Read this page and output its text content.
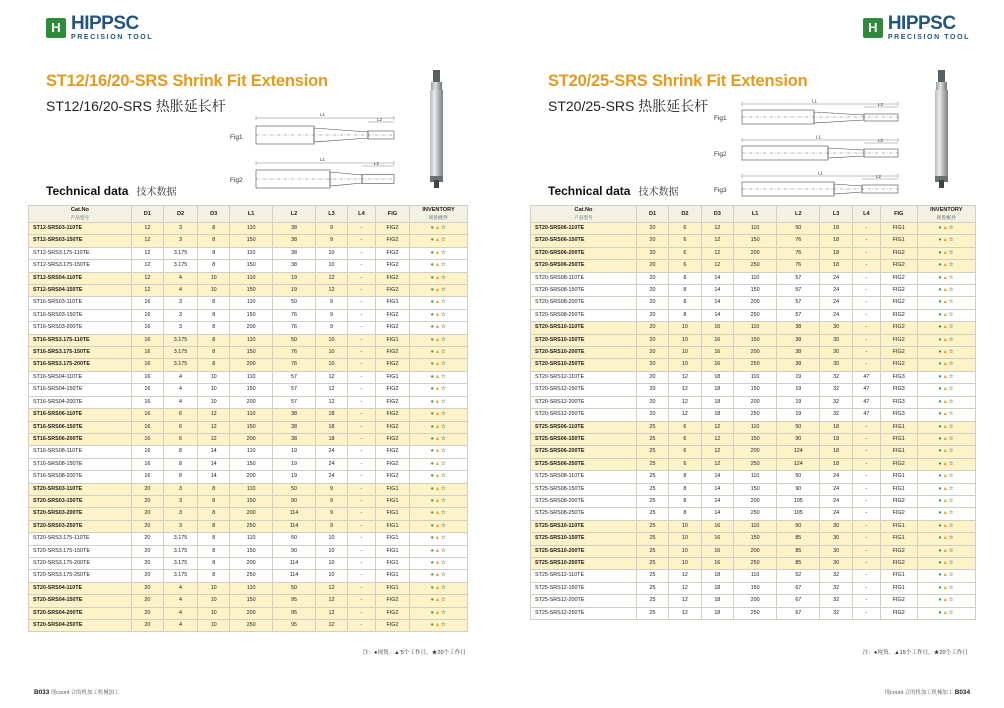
H HIPPSC
PRECISION TOOL
ST12/16/20-SRS Shrink Fit Extension
ST12/16/20-SRS 热胀延长杆
Technical data 技术数据
Fig1
L1
L2
Fig2
L1
L2
Cat.No
产品型号	D1	D2	D3	L1	L2	L3	L4	FIG	INVENTORY
现货/配件

ST12-SRS03-110TE	12	3	8	110	38	9	-	FIG2	●▲☆
ST12-SRS03-150TE	12	3	8	150	38	9	-	FIG2	●▲☆
ST12-SRS3.175-110TE	12	3.175	8	110	38	10	-	FIG2	●▲☆
ST12-SRS3.175-150TE	12	3.175	8	150	38	10	-	FIG2	●▲☆
ST12-SRS04-110TE	12	4	10	110	19	12	-	FIG2	●▲☆
ST12-SRS04-150TE	12	4	10	150	19	12	-	FIG2	●▲☆
ST16-SRS03-110TE	16	3	8	110	50	9	-	FIG1	●▲☆
ST16-SRS03-150TE	16	3	8	150	76	9	-	FIG2	●▲☆
ST16-SRS03-200TE	16	3	8	200	76	9	-	FIG2	●▲☆
ST16-SRS3.175-110TE	16	3.175	8	110	50	10	-	FIG1	●▲☆
ST16-SRS3.175-150TE	16	3.175	8	150	76	10	-	FIG2	●▲☆
ST16-SRS3.175-200TE	16	3.175	8	200	76	10	-	FIG2	●▲☆
ST16-SRS04-110TE	16	4	10	110	57	12	-	FIG1	●▲☆
ST16-SRS04-150TE	16	4	10	150	57	12	-	FIG2	●▲☆
ST16-SRS04-200TE	16	4	10	200	57	12	-	FIG2	●▲☆
ST16-SRS06-110TE	16	6	12	110	38	18	-	FIG2	●▲☆
ST16-SRS06-150TE	16	6	12	150	38	18	-	FIG2	●▲☆
ST16-SRS06-200TE	16	6	12	200	38	18	-	FIG2	●▲☆
ST16-SRS08-110TE	16	8	14	110	19	24	-	FIG2	●▲☆
ST16-SRS08-150TE	16	8	14	150	19	24	-	FIG2	●▲☆
ST16-SRS08-200TE	16	8	14	200	19	24	-	FIG2	●▲☆
ST20-SRS03-110TE	20	3	8	110	50	9	-	FIG1	●▲☆
ST20-SRS03-150TE	20	3	8	150	90	9	-	FIG1	●▲☆
ST20-SRS03-200TE	20	3	8	200	114	9	-	FIG1	●▲☆
ST20-SRS03-250TE	20	3	8	250	114	9	-	FIG1	●▲☆
ST20-SRS3.175-110TE	20	3.175	8	110	50	10	-	FIG1	●▲☆
ST20-SRS3.175-150TE	20	3.175	8	150	90	10	-	FIG1	●▲☆
ST20-SRS3.175-200TE	20	3.175	8	200	114	10	-	FIG1	●▲☆
ST20-SRS3.175-250TE	20	3.175	8	250	114	10	-	FIG1	●▲☆
ST20-SRS04-110TE	20	4	10	110	50	12	-	FIG1	●▲☆
ST20-SRS04-150TE	20	4	10	150	95	12	-	FIG2	●▲☆
ST20-SRS04-200TE	20	4	10	200	95	12	-	FIG2	●▲☆
ST20-SRS04-250TE	20	4	10	250	95	12	-	FIG2	●▲☆
注：●现货。▲'5个工作日。★20个工作日
B033 现count 合的机加工机械加工
H HIPPSC
PRECISION TOOL
ST20/25-SRS Shrink Fit Extension
ST20/25-SRS 热胀延长杆
Technical data 技术数据
Fig1
L1
L2
Fig2
L1
L2
Fig3
L1
L2
Cat.No
产品型号	D1	D2	D3	L1	L2	L3	L4	FIG	INVENTORY
现货/配件

ST20-SRS06-110TE	20	6	12	110	50	18	-	FIG1	●▲☆
ST20-SRS06-150TE	20	6	12	150	76	18	-	FIG1	●▲☆
ST20-SRS06-200TE	20	6	12	200	76	18	-	FIG2	●▲☆
ST20-SRS06-250TE	20	6	12	250	76	18	-	FIG2	●▲☆
ST20-SRS08-110TE	20	8	14	110	57	24	-	FIG2	●▲☆
ST20-SRS08-150TE	20	8	14	150	57	24	-	FIG2	●▲☆
ST20-SRS08-200TE	20	8	14	200	57	24	-	FIG2	●▲☆
ST20-SRS08-250TE	20	8	14	250	57	24	-	FIG2	●▲☆
ST20-SRS10-110TE	20	10	16	110	38	30	-	FIG2	●▲☆
ST20-SRS10-150TE	20	10	16	150	38	30	-	FIG2	●▲☆
ST20-SRS10-200TE	20	10	16	200	38	30	-	FIG2	●▲☆
ST20-SRS10-250TE	20	10	16	250	38	30	-	FIG2	●▲☆
ST20-SRS12-110TE	20	12	18	110	19	32	47	FIG3	●▲☆
ST20-SRS12-150TE	20	12	18	150	19	32	47	FIG3	●▲☆
ST20-SRS12-200TE	20	12	18	200	19	32	47	FIG3	●▲☆
ST20-SRS12-250TE	20	12	18	250	19	32	47	FIG3	●▲☆
ST25-SRS06-110TE	25	6	12	110	50	18	-	FIG1	●▲☆
ST25-SRS06-150TE	25	6	12	150	90	18	-	FIG1	●▲☆
ST25-SRS06-200TE	25	6	12	200	124	18	-	FIG1	●▲☆
ST25-SRS06-250TE	25	6	12	250	124	18	-	FIG2	●▲☆
ST25-SRS08-110TE	25	8	14	110	50	24	-	FIG1	●▲☆
ST25-SRS08-150TE	25	8	14	150	90	24	-	FIG1	●▲☆
ST25-SRS08-200TE	25	8	14	200	105	24	-	FIG2	●▲☆
ST25-SRS08-250TE	25	8	14	250	105	24	-	FIG2	●▲☆
ST25-SRS10-110TE	25	10	16	110	50	30	-	FIG1	●▲☆
ST25-SRS10-150TE	25	10	16	150	85	30	-	FIG1	●▲☆
ST25-SRS10-200TE	25	10	16	200	85	30	-	FIG2	●▲☆
ST25-SRS10-250TE	25	10	16	250	85	30	-	FIG2	●▲☆
ST25-SRS12-110TE	25	12	18	110	52	32	-	FIG1	●▲☆
ST25-SRS12-150TE	25	12	18	150	67	32	-	FIG1	●▲☆
ST25-SRS12-200TE	25	12	18	200	67	32	-	FIG2	●▲☆
ST25-SRS12-250TE	25	12	18	250	67	32	-	FIG2	●▲☆
注：●现货。▲15个工作日。★20个工作日
现count 合的机加工机械加工 B034
